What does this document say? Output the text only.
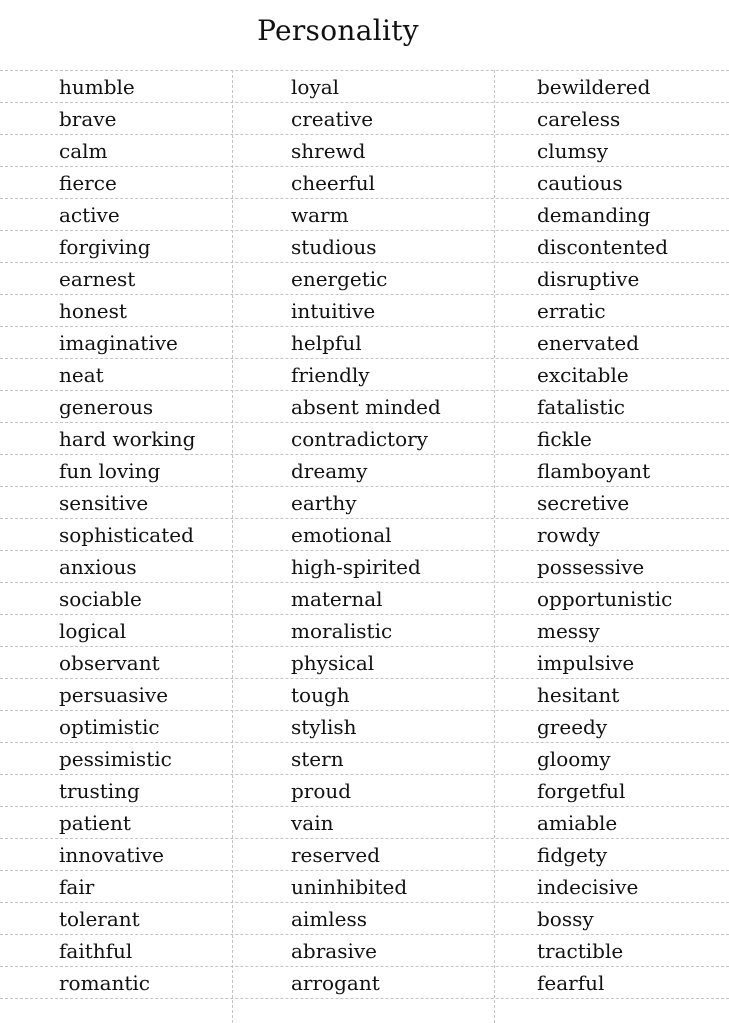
Personality
humble	loyal	bewildered
brave	creative	careless
calm	shrewd	clumsy
fierce	cheerful	cautious
active	warm	demanding
forgiving	studious	discontented
earnest	energetic	disruptive
honest	intuitive	erratic
imaginative	helpful	enervated
neat	friendly	excitable
generous	absent minded	fatalistic
hard working	contradictory	fickle
fun loving	dreamy	flamboyant
sensitive	earthy	secretive
sophisticated	emotional	rowdy
anxious	high-spirited	possessive
sociable	maternal	opportunistic
logical	moralistic	messy
observant	physical	impulsive
persuasive	tough	hesitant
optimistic	stylish	greedy
pessimistic	stern	gloomy
trusting	proud	forgetful
patient	vain	amiable
innovative	reserved	fidgety
fair	uninhibited	indecisive
tolerant	aimless	bossy
faithful	abrasive	tractible
romantic	arrogant	fearful
